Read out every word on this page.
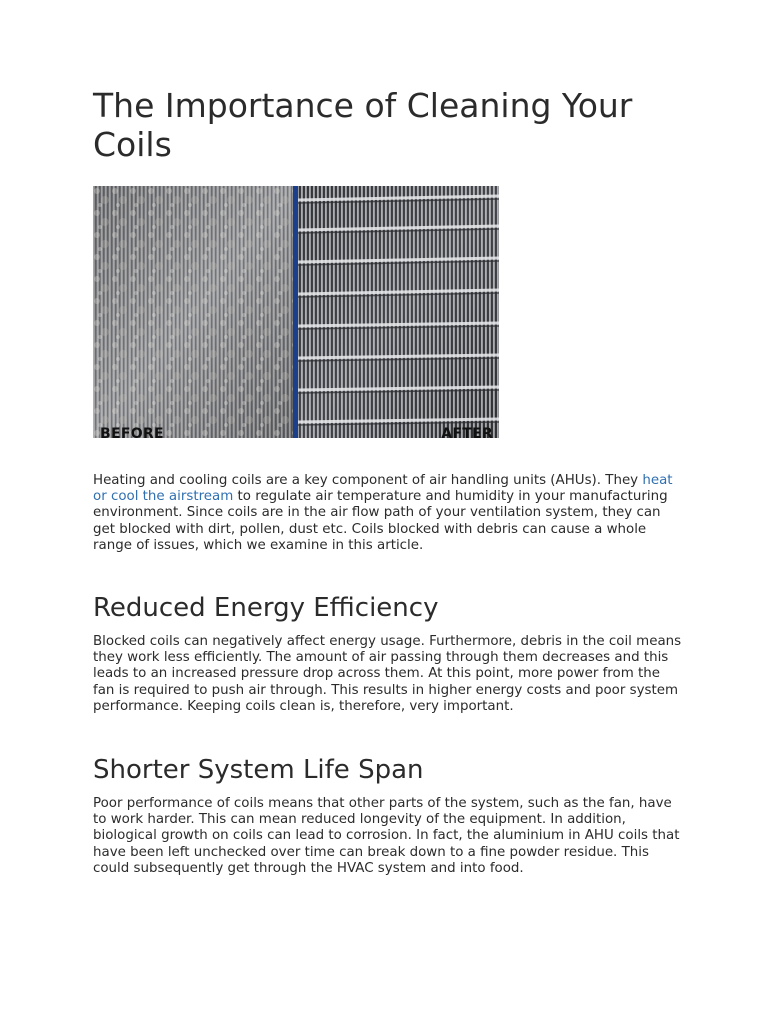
The Importance of Cleaning Your Coils
BEFORE	AFTER

Heating and cooling coils are a key component of air handling units (AHUs). They heat or cool the airstream to regulate air temperature and humidity in your manufacturing environment. Since coils are in the air flow path of your ventilation system, they can get blocked with dirt, pollen, dust etc. Coils blocked with debris can cause a whole range of issues, which we examine in this article.

Reduced Energy Efficiency

Blocked coils can negatively affect energy usage. Furthermore, debris in the coil means they work less efficiently. The amount of air passing through them decreases and this leads to an increased pressure drop across them. At this point, more power from the fan is required to push air through. This results in higher energy costs and poor system performance. Keeping coils clean is, therefore, very important.

Shorter System Life Span

Poor performance of coils means that other parts of the system, such as the fan, have to work harder. This can mean reduced longevity of the equipment. In addition, biological growth on coils can lead to corrosion. In fact, the aluminium in AHU coils that have been left unchecked over time can break down to a fine powder residue. This could subsequently get through the HVAC system and into food.
